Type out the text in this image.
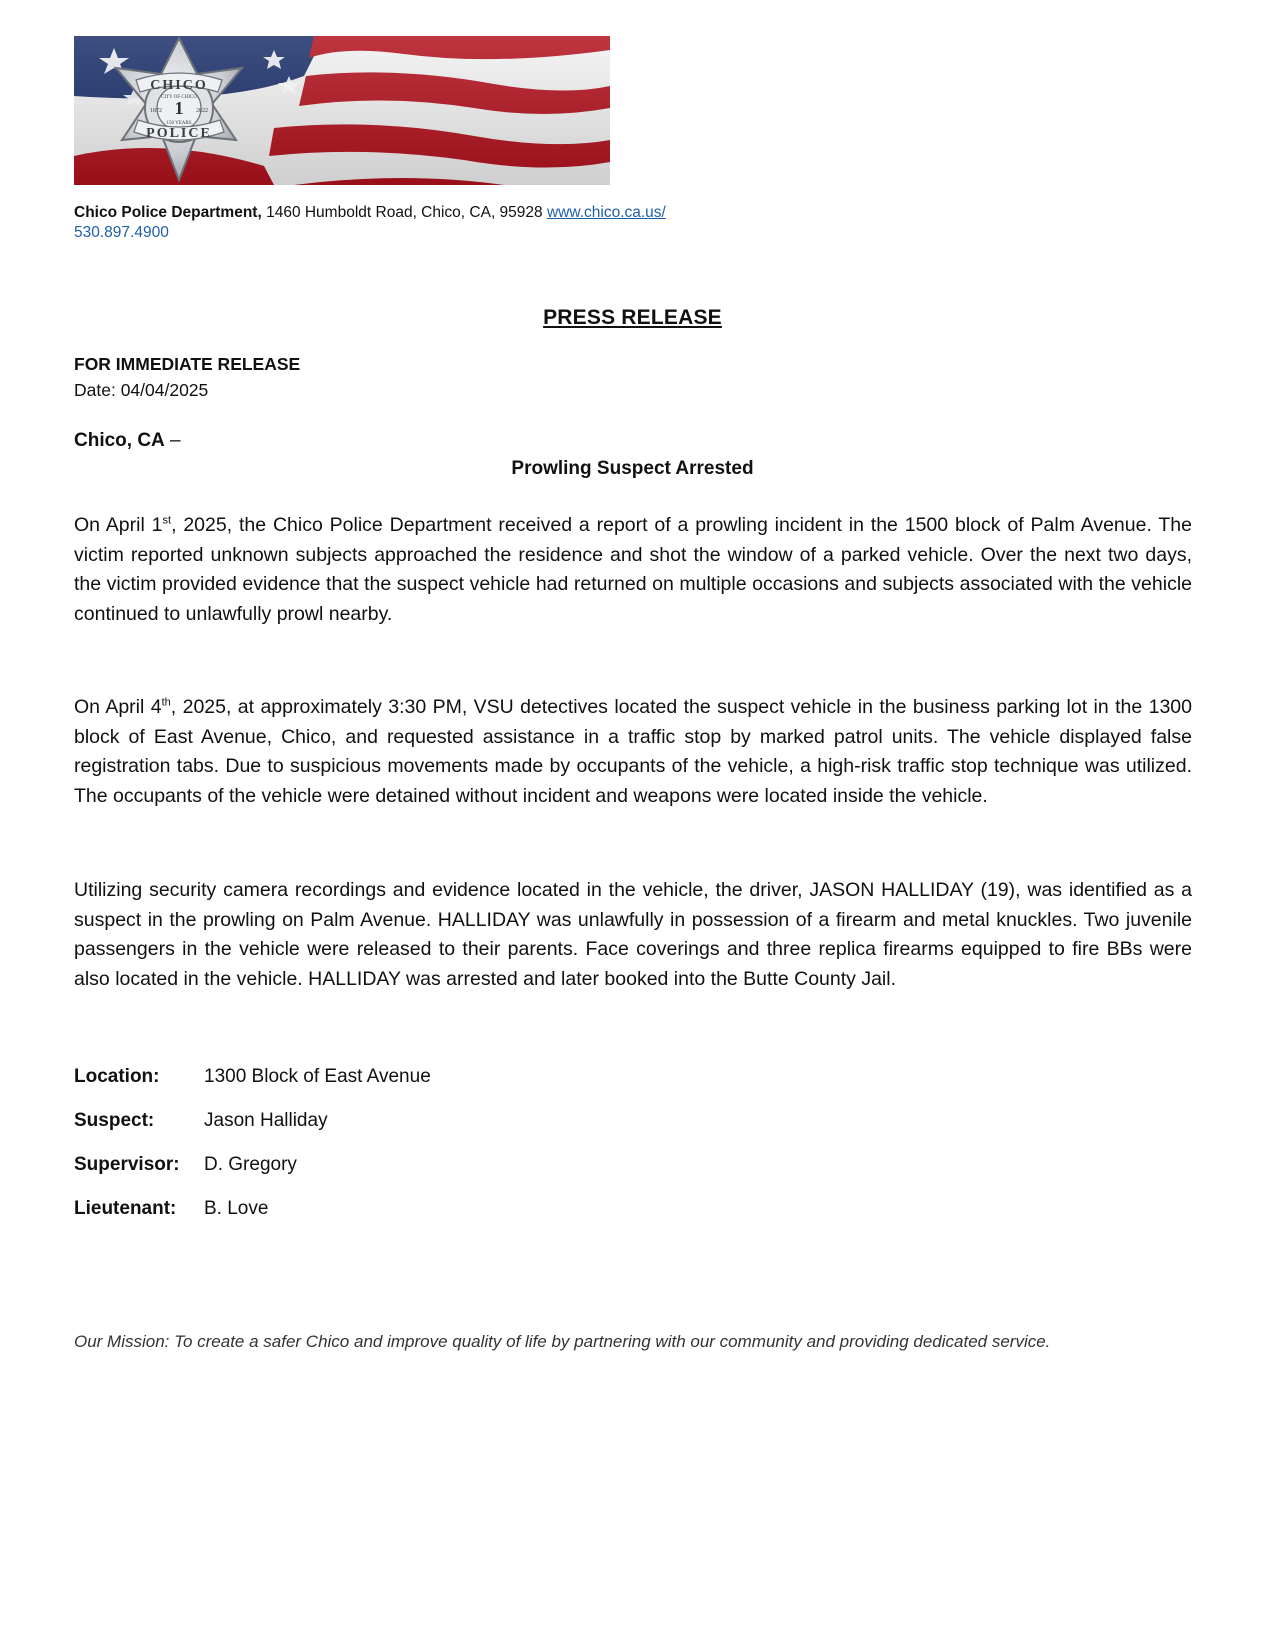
CHICO
CITY OF CHICO
1
1872	2022
150 YEARS
POLICE
Chico Police Department, 1460 Humboldt Road, Chico, CA, 95928 www.chico.ca.us/
530.897.4900
PRESS RELEASE
FOR IMMEDIATE RELEASE
Date: 04/04/2025
Chico, CA –
Prowling Suspect Arrested
On April 1st, 2025, the Chico Police Department received a report of a prowling incident in the 1500 block of Palm Avenue. The victim reported unknown subjects approached the residence and shot the window of a parked vehicle. Over the next two days, the victim provided evidence that the suspect vehicle had returned on multiple occasions and subjects associated with the vehicle continued to unlawfully prowl nearby.
On April 4th, 2025, at approximately 3:30 PM, VSU detectives located the suspect vehicle in the business parking lot in the 1300 block of East Avenue, Chico, and requested assistance in a traffic stop by marked patrol units. The vehicle displayed false registration tabs. Due to suspicious movements made by occupants of the vehicle, a high-risk traffic stop technique was utilized. The occupants of the vehicle were detained without incident and weapons were located inside the vehicle.
Utilizing security camera recordings and evidence located in the vehicle, the driver, JASON HALLIDAY (19), was identified as a suspect in the prowling on Palm Avenue. HALLIDAY was unlawfully in possession of a firearm and metal knuckles. Two juvenile passengers in the vehicle were released to their parents. Face coverings and three replica firearms equipped to fire BBs were also located in the vehicle. HALLIDAY was arrested and later booked into the Butte County Jail.
Location:	1300 Block of East Avenue
Suspect:	Jason Halliday
Supervisor:	D. Gregory
Lieutenant:	B. Love
Our Mission: To create a safer Chico and improve quality of life by partnering with our community and providing dedicated service.
